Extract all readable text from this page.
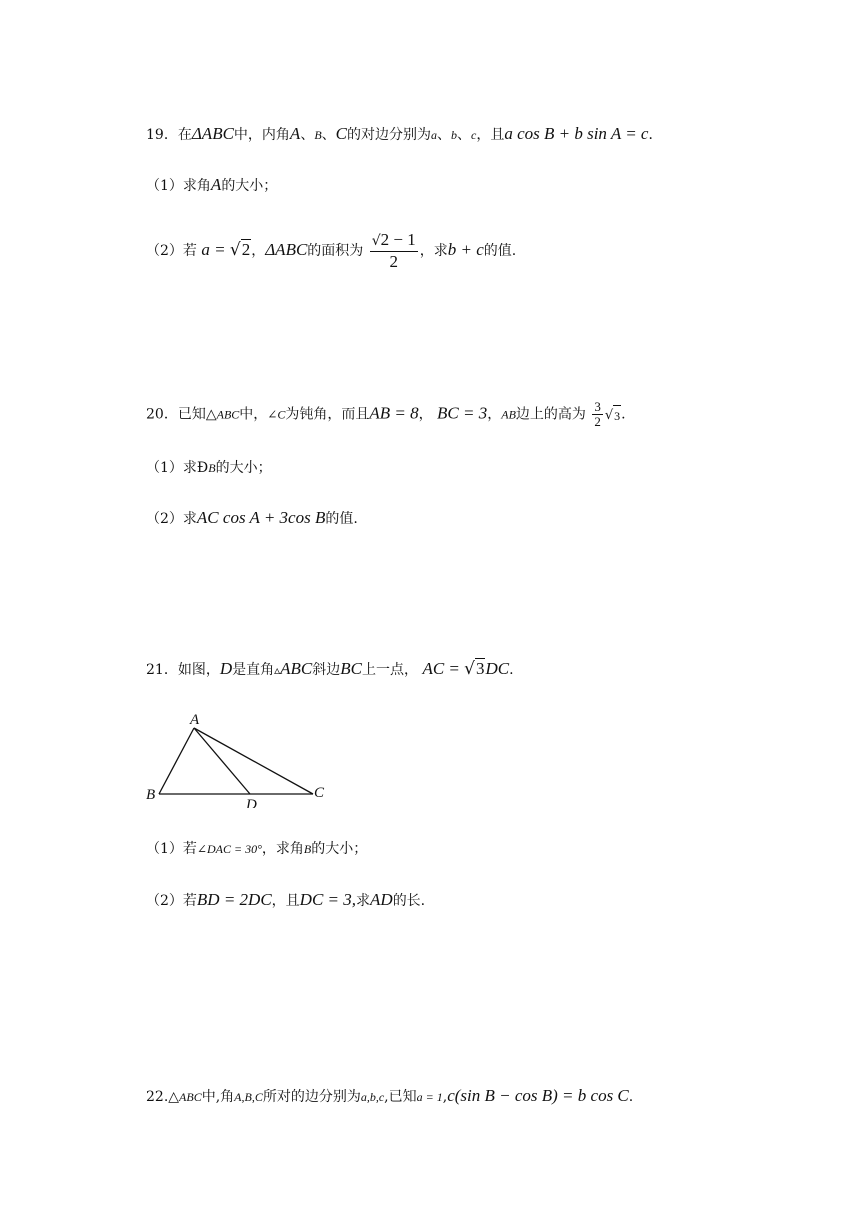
19．在ΔABC中，内角A、B、C的对边分别为a、b、c，且a cos B + b sin A = c．
（1）求角A的大小；
（2）若 a = √ 2 ，ΔABC的面积为 $\frac{√2 - 1}{2}$ ，求b + c的值.
20．已知△ABC中，∠C为钝角，而且AB = 8， BC = 3，AB边上的高为 $\frac{3}{2}$ √ 3 .
（1）求ÐB的大小；
（2）求AC cos A + 3cos B的值.
21．如图，D是直角▵ABC斜边BC上一点， AC = √ 3 DC.
A
B	C
D
（1）若∠DAC = 30°，求角B的大小；
（2）若BD = 2DC，且DC = 3,求AD的长.
22.△ABC中,角A,B,C所对的边分别为a,b,c,已知a = 1,c(sin B − cos B) = b cos C.
